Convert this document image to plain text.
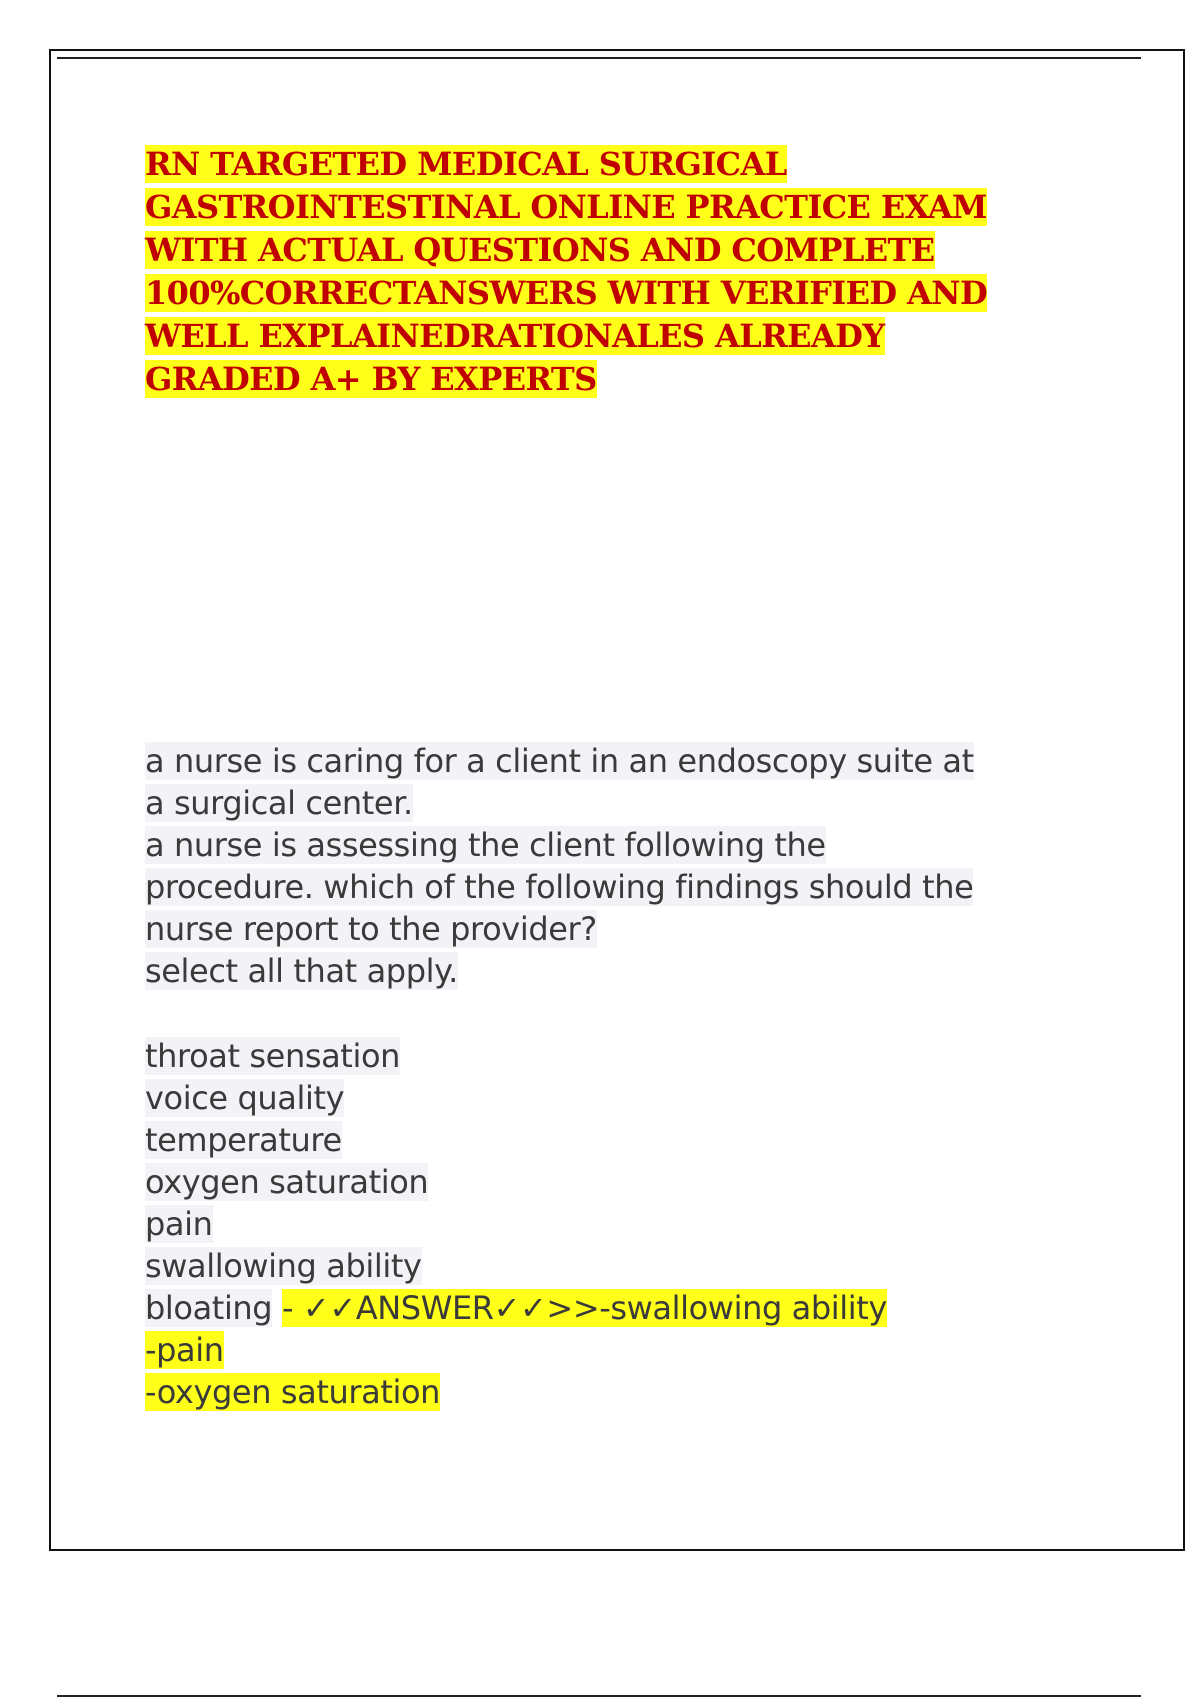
RN TARGETED MEDICAL SURGICAL
GASTROINTESTINAL ONLINE PRACTICE EXAM
WITH ACTUAL QUESTIONS AND COMPLETE
100%CORRECTANSWERS WITH VERIFIED AND
WELL EXPLAINEDRATIONALES ALREADY
GRADED A+ BY EXPERTS
a nurse is caring for a client in an endoscopy suite at
a surgical center.
a nurse is assessing the client following the
procedure. which of the following findings should the
nurse report to the provider?
select all that apply.
throat sensation
voice quality
temperature
oxygen saturation
pain
swallowing ability
bloating - ✓✓ANSWER✓✓>>-swallowing ability
-pain
-oxygen saturation
